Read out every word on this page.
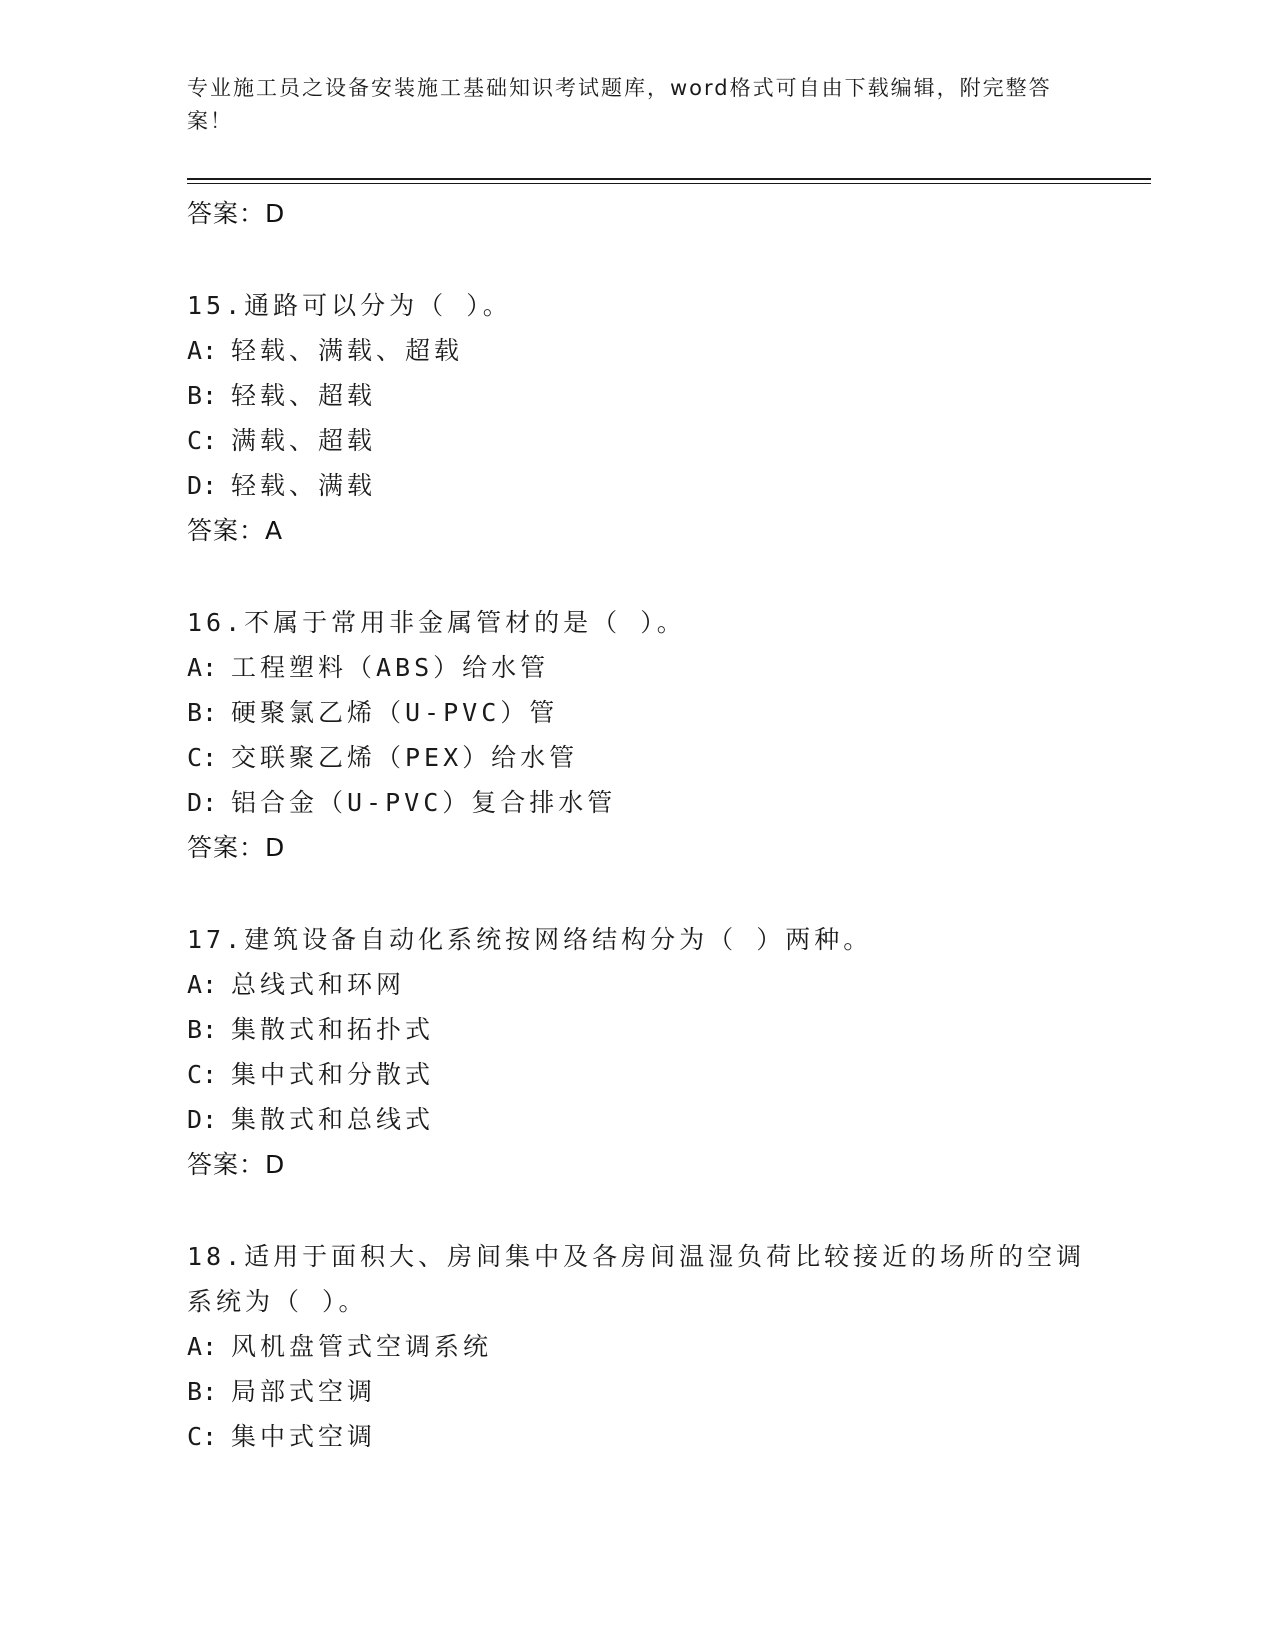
专业施工员之设备安装施工基础知识考试题库，word格式可自由下载编辑，附完整答案！
答案：D
15.通路可以分为（ ）。
A: 轻载、满载、超载
B: 轻载、超载
C: 满载、超载
D: 轻载、满载
答案：A
16.不属于常用非金属管材的是（ ）。
A: 工程塑料（ABS）给水管
B: 硬聚氯乙烯（U-PVC）管
C: 交联聚乙烯（PEX）给水管
D: 铝合金（U-PVC）复合排水管
答案：D
17.建筑设备自动化系统按网络结构分为（ ）两种。
A: 总线式和环网
B: 集散式和拓扑式
C: 集中式和分散式
D: 集散式和总线式
答案：D
18.适用于面积大、房间集中及各房间温湿负荷比较接近的场所的空调
系统为（ ）。
A: 风机盘管式空调系统
B: 局部式空调
C: 集中式空调
